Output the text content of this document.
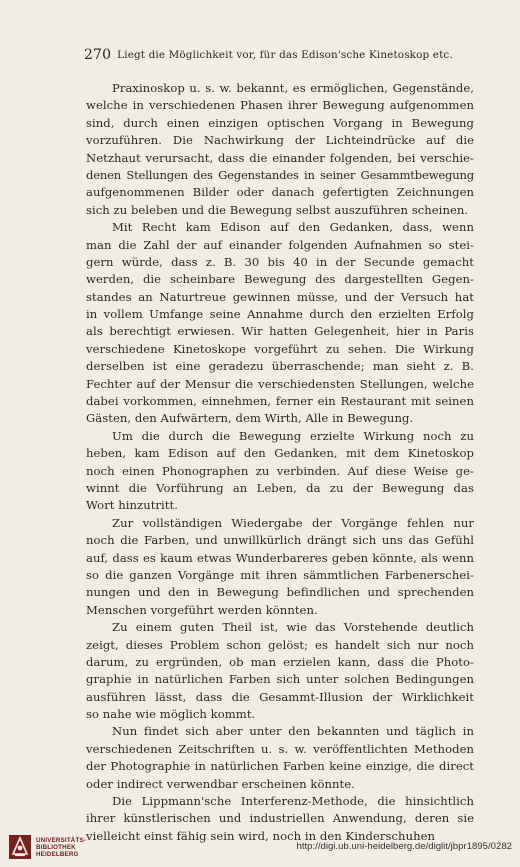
270 Liegt die Möglichkeit vor, für das Edison'sche Kinetoskop etc.
Praxinoskop u. s. w. bekannt, es ermöglichen, Gegenstände,
welche in verschiedenen Phasen ihrer Bewegung aufgenommen
sind, durch einen einzigen optischen Vorgang in Bewegung
vorzuführen. Die Nachwirkung der Lichteindrücke auf die
Netzhaut verursacht, dass die einander folgenden, bei verschie-
denen Stellungen des Gegenstandes in seiner Gesammtbewegung
aufgenommenen Bilder oder danach gefertigten Zeichnungen
sich zu beleben und die Bewegung selbst auszuführen scheinen.
Mit Recht kam Edison auf den Gedanken, dass, wenn
man die Zahl der auf einander folgenden Aufnahmen so stei-
gern würde, dass z. B. 30 bis 40 in der Secunde gemacht
werden, die scheinbare Bewegung des dargestellten Gegen-
standes an Naturtreue gewinnen müsse, und der Versuch hat
in vollem Umfange seine Annahme durch den erzielten Erfolg
als berechtigt erwiesen. Wir hatten Gelegenheit, hier in Paris
verschiedene Kinetoskope vorgeführt zu sehen. Die Wirkung
derselben ist eine geradezu überraschende; man sieht z. B.
Fechter auf der Mensur die verschiedensten Stellungen, welche
dabei vorkommen, einnehmen, ferner ein Restaurant mit seinen
Gästen, den Aufwärtern, dem Wirth, Alle in Bewegung.
Um die durch die Bewegung erzielte Wirkung noch zu
heben, kam Edison auf den Gedanken, mit dem Kinetoskop
noch einen Phonographen zu verbinden. Auf diese Weise ge-
winnt die Vorführung an Leben, da zu der Bewegung das
Wort hinzutritt.
Zur vollständigen Wiedergabe der Vorgänge fehlen nur
noch die Farben, und unwillkürlich drängt sich uns das Gefühl
auf, dass es kaum etwas Wunderbareres geben könnte, als wenn
so die ganzen Vorgänge mit ihren sämmtlichen Farbenerschei-
nungen und den in Bewegung befindlichen und sprechenden
Menschen vorgeführt werden könnten.
Zu einem guten Theil ist, wie das Vorstehende deutlich
zeigt, dieses Problem schon gelöst; es handelt sich nur noch
darum, zu ergründen, ob man erzielen kann, dass die Photo-
graphie in natürlichen Farben sich unter solchen Bedingungen
ausführen lässt, dass die Gesammt-Illusion der Wirklichkeit
so nahe wie möglich kommt.
Nun findet sich aber unter den bekannten und täglich in
verschiedenen Zeitschriften u. s. w. veröffentlichten Methoden
der Photographie in natürlichen Farben keine einzige, die direct
oder indirect verwendbar erscheinen könnte.
Die Lippmann'sche Interferenz-Methode, die hinsichtlich
ihrer künstlerischen und industriellen Anwendung, deren sie
vielleicht einst fähig sein wird, noch in den Kinderschuhen
UNIVERSITÄTS-
BIBLIOTHEK
HEIDELBERG
http://digi.ub.uni-heidelberg.de/diglit/jbpr1895/0282
